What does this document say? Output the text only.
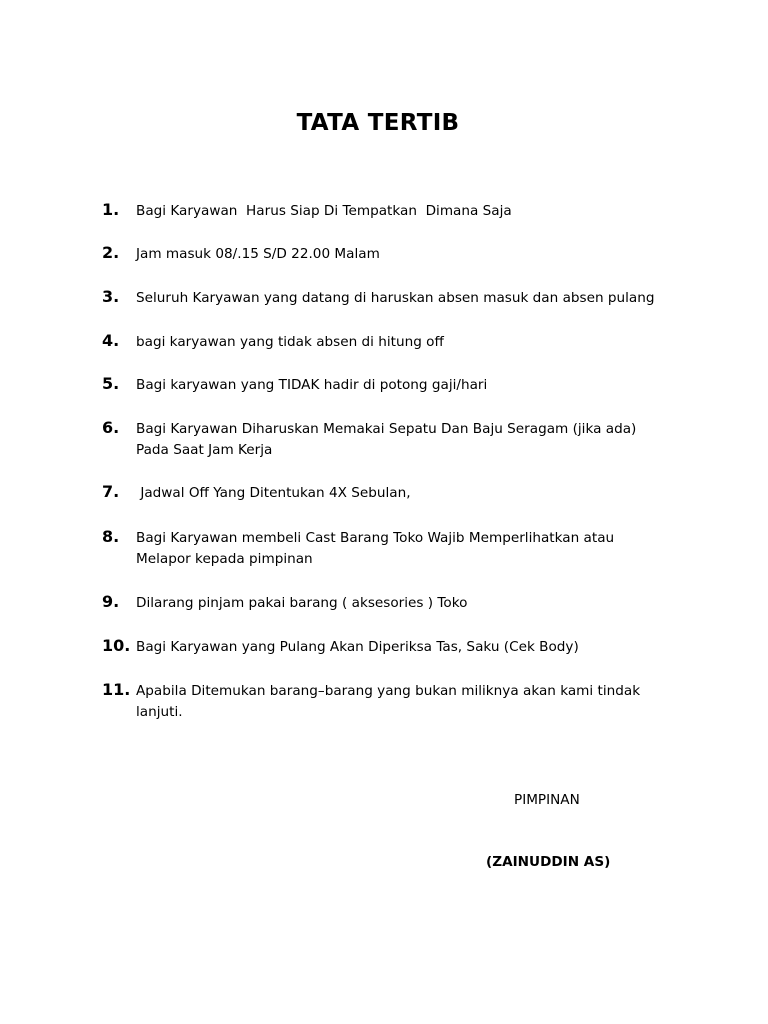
TATA TERTIB
1. Bagi Karyawan  Harus Siap Di Tempatkan  Dimana Saja
2. Jam masuk 08/.15 S/D 22.00 Malam
3. Seluruh Karyawan yang datang di haruskan absen masuk dan absen pulang
4. bagi karyawan yang tidak absen di hitung off
5. Bagi karyawan yang TIDAK hadir di potong gaji/hari
6. Bagi Karyawan Diharuskan Memakai Sepatu Dan Baju Seragam (jika ada)
Pada Saat Jam Kerja
7. Jadwal Off Yang Ditentukan 4X Sebulan,
8. Bagi Karyawan membeli Cast Barang Toko Wajib Memperlihatkan atau
Melapor kepada pimpinan
9. Dilarang pinjam pakai barang ( aksesories ) Toko
10. Bagi Karyawan yang Pulang Akan Diperiksa Tas, Saku (Cek Body)
11. Apabila Ditemukan barang–barang yang bukan miliknya akan kami tindak
lanjuti.
PIMPINAN
(ZAINUDDIN AS)
